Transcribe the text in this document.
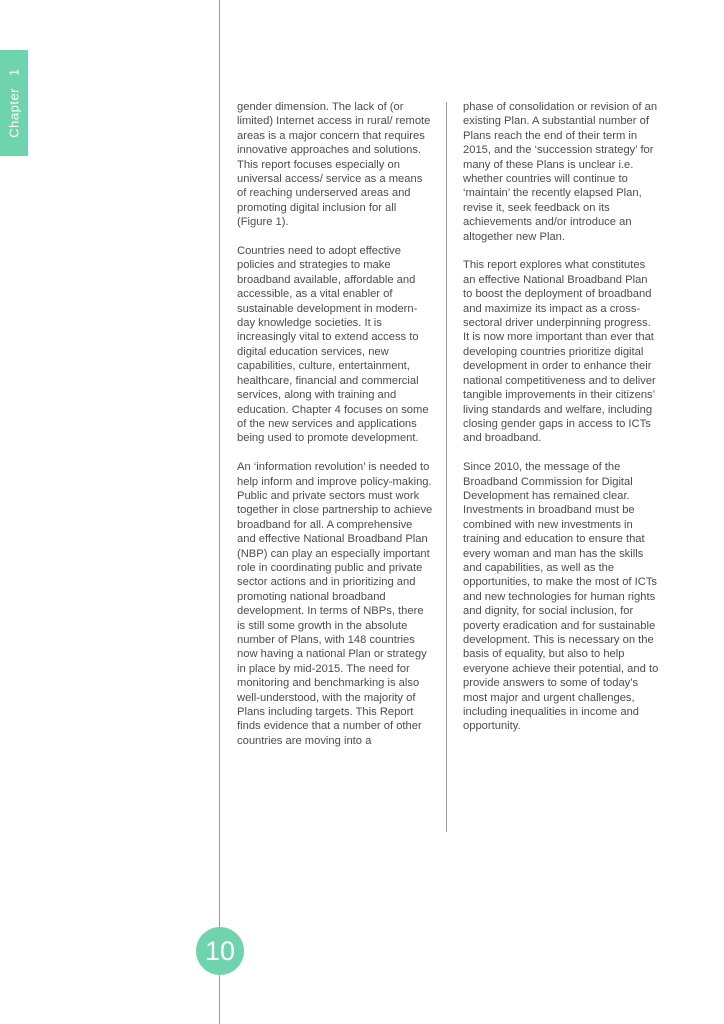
Chapter1

gender dimension. The lack of (or limited) Internet access in rural/ remote areas is a major concern that requires innovative approaches and solutions. This report focuses especially on universal access/ service as a means of reaching underserved areas and promoting digital inclusion for all (Figure 1).

Countries need to adopt effective policies and strategies to make broadband available, affordable and accessible, as a vital enabler of sustainable development in modern-day knowledge societies. It is increasingly vital to extend access to digital education services, new capabilities, culture, entertainment, healthcare, financial and commercial services, along with training and education. Chapter 4 focuses on some of the new services and applications being used to promote development.

An ‘information revolution’ is needed to help inform and improve policy-making. Public and private sectors must work together in close partnership to achieve broadband for all. A comprehensive and effective National Broadband Plan (NBP) can play an especially important role in coordinating public and private sector actions and in prioritizing and promoting national broadband development. In terms of NBPs, there is still some growth in the absolute number of Plans, with 148 countries now having a national Plan or strategy in place by mid-2015. The need for monitoring and benchmarking is also well-understood, with the majority of Plans including targets. This Report finds evidence that a number of other countries are moving into a

phase of consolidation or revision of an existing Plan. A substantial number of Plans reach the end of their term in 2015, and the ‘succession strategy’ for many of these Plans is unclear i.e. whether countries will continue to ‘maintain’ the recently elapsed Plan, revise it, seek feedback on its achievements and/or introduce an altogether new Plan.

This report explores what constitutes an effective National Broadband Plan to boost the deployment of broadband and maximize its impact as a cross-sectoral driver underpinning progress. It is now more important than ever that developing countries prioritize digital development in order to enhance their national competitiveness and to deliver tangible improvements in their citizens’ living standards and welfare, including closing gender gaps in access to ICTs and broadband.

Since 2010, the message of the Broadband Commission for Digital Development has remained clear. Investments in broadband must be combined with new investments in training and education to ensure that every woman and man has the skills and capabilities, as well as the opportunities, to make the most of ICTs and new technologies for human rights and dignity, for social inclusion, for poverty eradication and for sustainable development. This is necessary on the basis of equality, but also to help everyone achieve their potential, and to provide answers to some of today’s most major and urgent challenges, including inequalities in income and opportunity.

10
